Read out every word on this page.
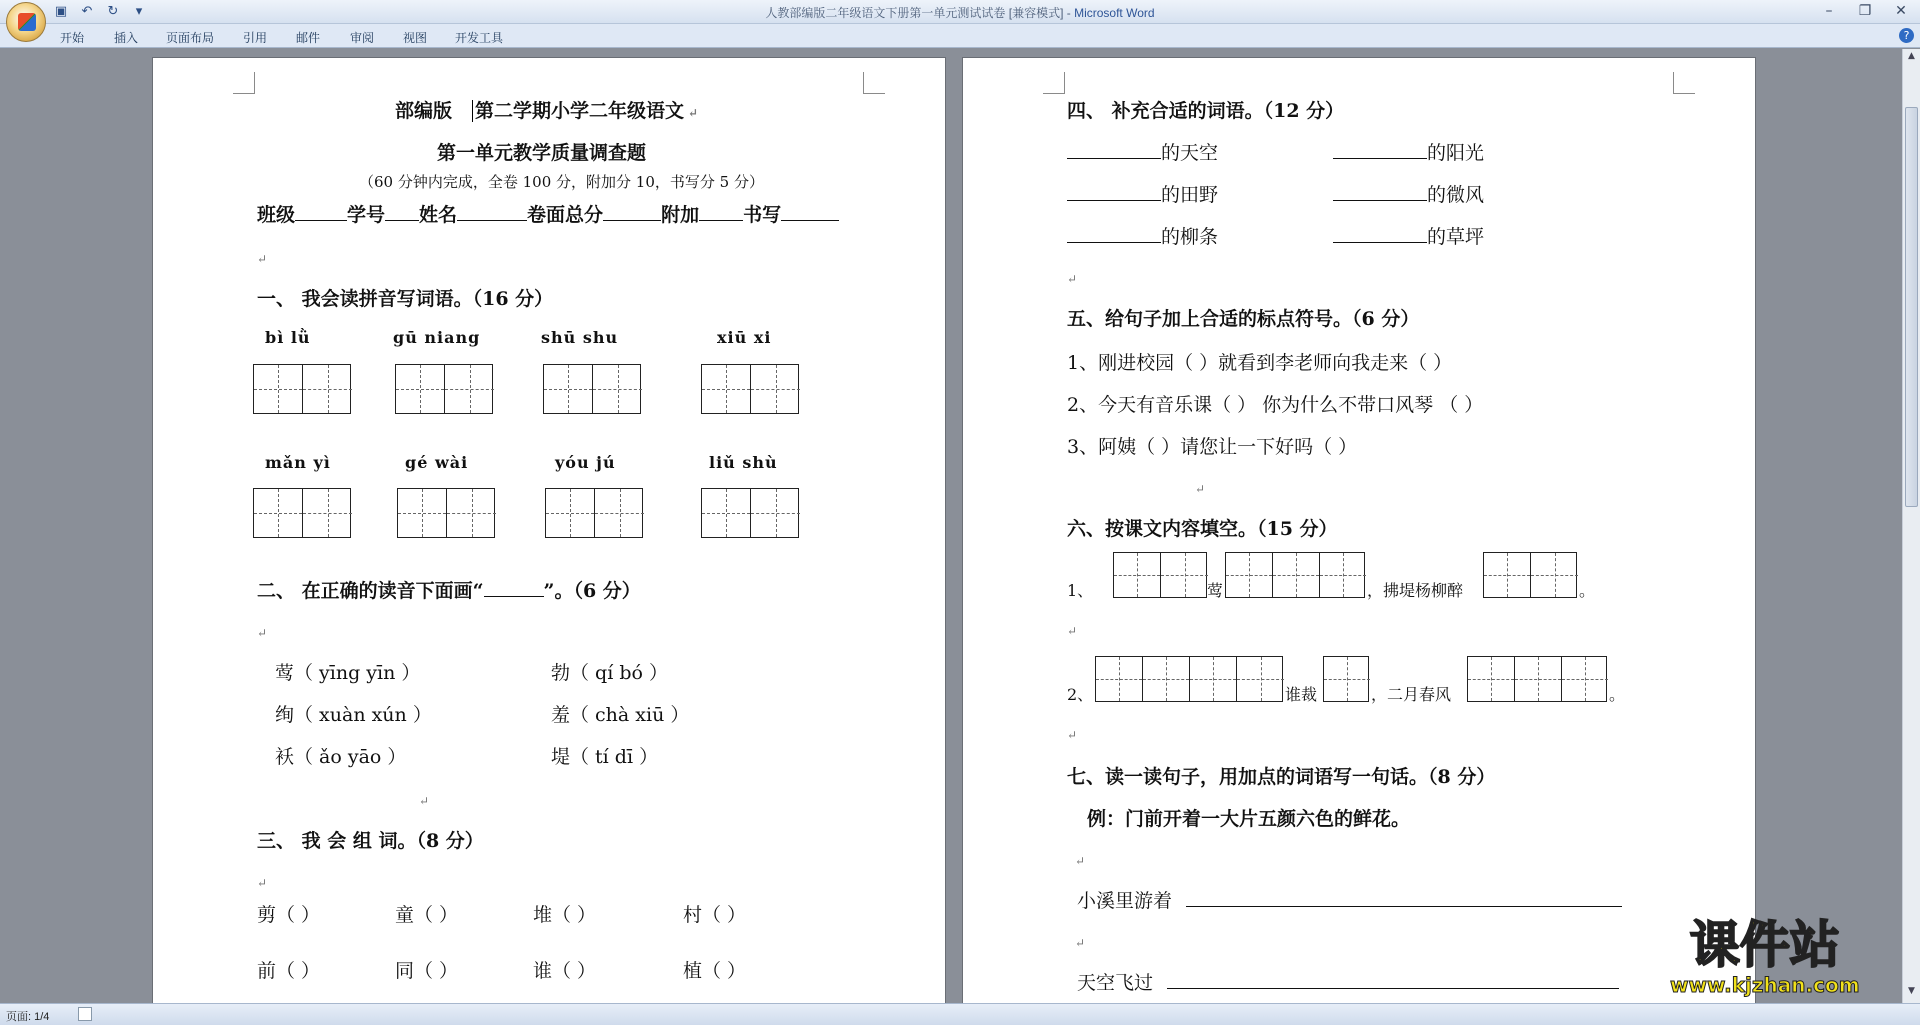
▣ ↶ ↻	▾	人教部编版二年级语文下册第一单元测试试卷 [兼容模式] - Microsoft Word	–	❐	✕
开始 插入 页面布局 引用 邮件 审阅 视图 开发工具	?
部编版 第二学期小学二年级语文 ↵
第一单元教学质量调查题
（60 分钟内完成，全卷 100 分，附加分 10，书写分 5 分）
班级	学号 姓名	卷面总分	附加 书写
↵
一、 我会读拼音写词语。（16 分）
bì lǜ	gū niang	shū shu	xiū xi
mǎn yì	gé wài	yóu jú	liǔ shù
二、 在正确的读音下面画“	”。（6 分）
↵
莺（ yīng yīn ）	勃（ qí bó ）
绚（ xuàn xún ）	羞（ chà xiū ）
袄（ ǎo yāo ）	堤（ tí dī ）
↵
三、 我 会 组 词。（8 分）
↵
剪（ ）	童（ ）	堆（ ）	村（ ）
前（ ）	同（ ）	谁（ ）	植（ ）
四、 补充合适的词语。（12 分）
的天空	的阳光
的田野	的微风
的柳条	的草坪
↵
五、给句子加上合适的标点符号。（6 分）
1、刚进校园（ ）就看到李老师向我走来（ ）
2、今天有音乐课（ ） 你为什么不带口风琴 （ ）
3、阿姨（ ）请您让一下好吗（ ）
↵
六、按课文内容填空。（15 分）
1、	莺	，拂堤杨柳醉	。
↵
2、	谁裁	，二月春风	。
↵
七、读一读句子，用加点的词语写一句话。（8 分）
例：门前开着一大片五颜六色的鲜花。
↵
小溪里游着
↵
天空飞过
▲
▼
课件站
www.kjzhan.com
页面: 1/4
